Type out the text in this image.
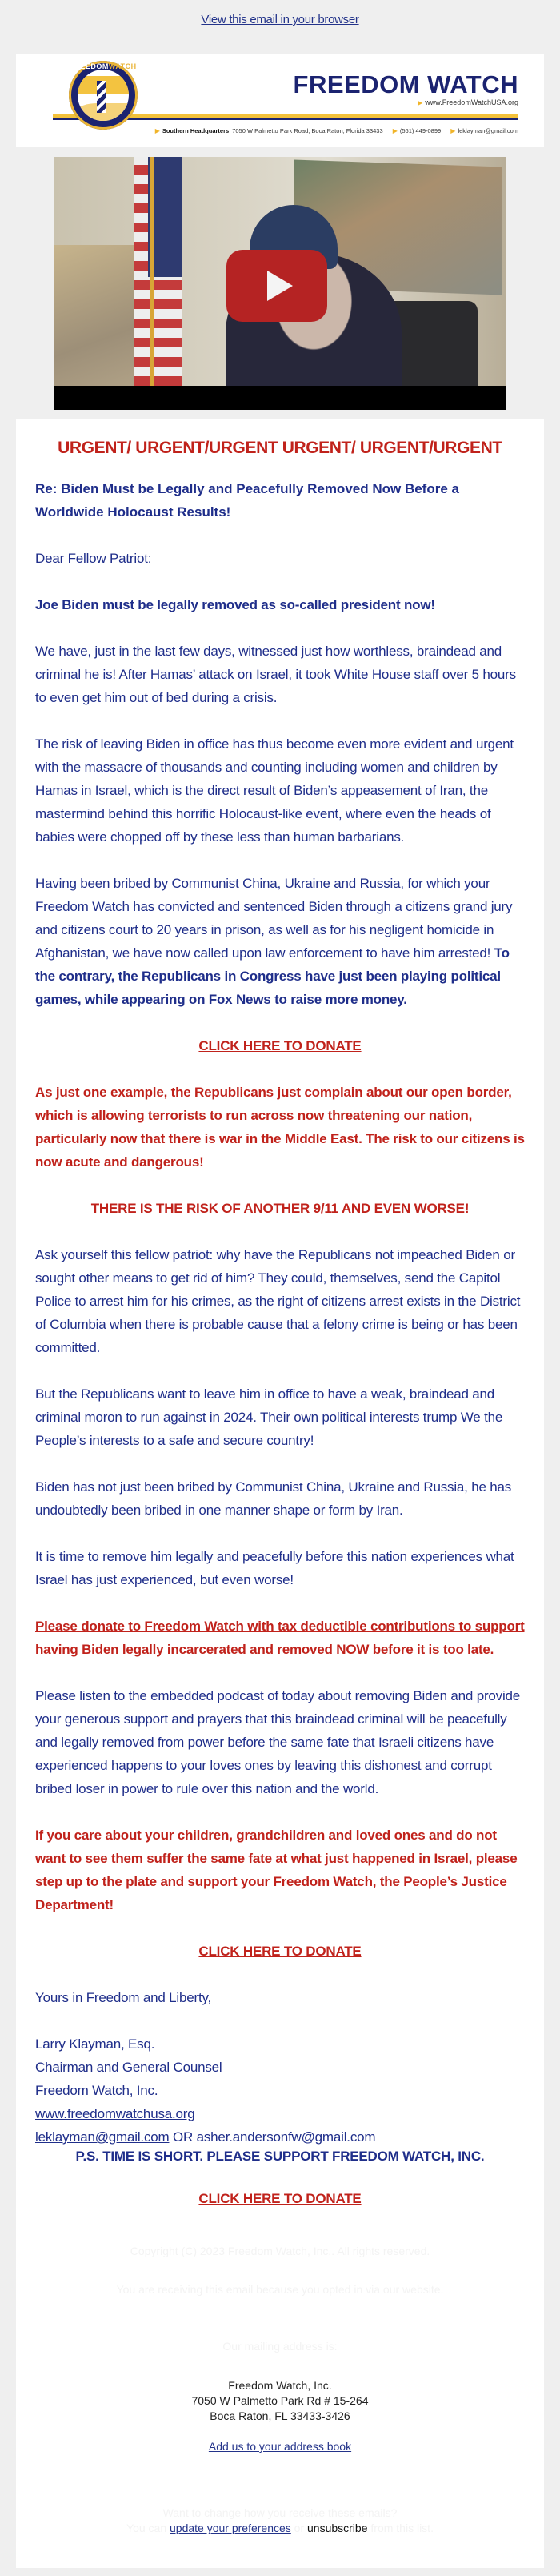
View this email in your browser
FREEDOMWATCH
FREEDOM WATCH
▶ www.FreedomWatchUSA.org
▶ Southern Headquarters 7050 W Palmetto Park Road, Boca Raton, Florida 33433 ▶ (561) 449-0899 ▶ leklayman@gmail.com

URGENT/ URGENT/URGENT URGENT/ URGENT/URGENT

Re: Biden Must be Legally and Peacefully Removed Now Before a Worldwide Holocaust Results!

Dear Fellow Patriot:

Joe Biden must be legally removed as so-called president now!

We have, just in the last few days, witnessed just how worthless, braindead and criminal he is! After Hamas’ attack on Israel, it took White House staff over 5 hours to even get him out of bed during a crisis.

The risk of leaving Biden in office has thus become even more evident and urgent with the massacre of thousands and counting including women and children by Hamas in Israel, which is the direct result of Biden’s appeasement of Iran, the mastermind behind this horrific Holocaust-like event, where even the heads of babies were chopped off by these less than human barbarians.

Having been bribed by Communist China, Ukraine and Russia, for which your Freedom Watch has convicted and sentenced Biden through a citizens grand jury and citizens court to 20 years in prison, as well as for his negligent homicide in Afghanistan, we have now called upon law enforcement to have him arrested! To the contrary, the Republicans in Congress have just been playing political games, while appearing on Fox News to raise more money.

CLICK HERE TO DONATE

As just one example, the Republicans just complain about our open border, which is allowing terrorists to run across now threatening our nation, particularly now that there is war in the Middle East. The risk to our citizens is now acute and dangerous!

THERE IS THE RISK OF ANOTHER 9/11 AND EVEN WORSE!

Ask yourself this fellow patriot: why have the Republicans not impeached Biden or sought other means to get rid of him? They could, themselves, send the Capitol Police to arrest him for his crimes, as the right of citizens arrest exists in the District of Columbia when there is probable cause that a felony crime is being or has been committed.

But the Republicans want to leave him in office to have a weak, braindead and criminal moron to run against in 2024. Their own political interests trump We the People’s interests to a safe and secure country!

Biden has not just been bribed by Communist China, Ukraine and Russia, he has undoubtedly been bribed in one manner shape or form by Iran.

It is time to remove him legally and peacefully before this nation experiences what Israel has just experienced, but even worse!

Please donate to Freedom Watch with tax deductible contributions to support having Biden legally incarcerated and removed NOW before it is too late.

Please listen to the embedded podcast of today about removing Biden and provide your generous support and prayers that this braindead criminal will be peacefully and legally removed from power before the same fate that Israeli citizens have experienced happens to your loves ones by leaving this dishonest and corrupt bribed loser in power to rule over this nation and the world.

If you care about your children, grandchildren and loved ones and do not want to see them suffer the same fate at what just happened in Israel, please step up to the plate and support your Freedom Watch, the People’s Justice Department!

CLICK HERE TO DONATE

Yours in Freedom and Liberty,

Larry Klayman, Esq.

Chairman and General Counsel

Freedom Watch, Inc.

www.freedomwatchusa.org

leklayman@gmail.com OR asher.andersonfw@gmail.com

P.S. TIME IS SHORT. PLEASE SUPPORT FREEDOM WATCH, INC.

CLICK HERE TO DONATE

Copyright (C) 2023 Freedom Watch, Inc.. All rights reserved.

You are receiving this email because you opted in via our website.

Our mailing address is:

Freedom Watch, Inc.

7050 W Palmetto Park Rd # 15-264

Boca Raton, FL 33433-3426

Add us to your address book

Want to change how you receive these emails?

You can update your preferences or unsubscribe from this list.
